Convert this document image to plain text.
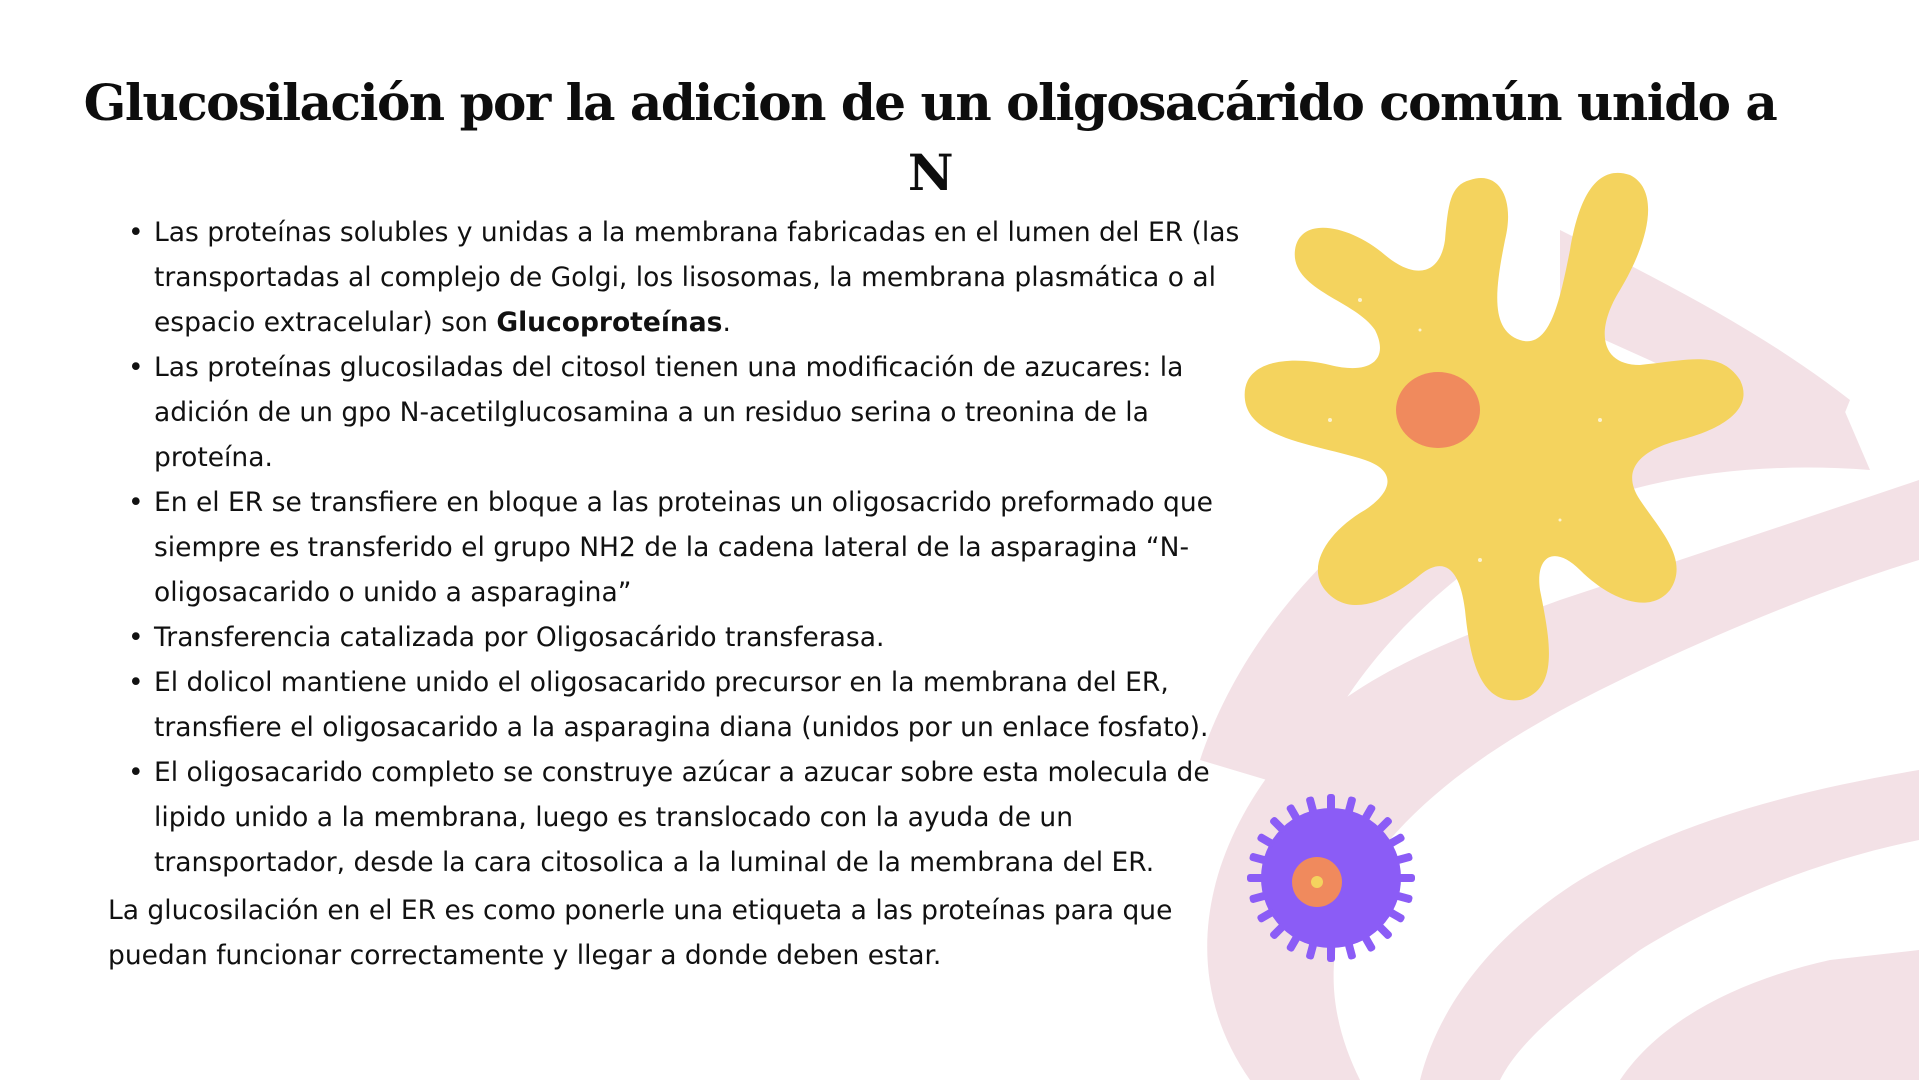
Glucosilación por la adicion de un oligosacárido común unido a N
• Las proteínas solubles y unidas a la membrana fabricadas en el lumen del ER (las transportadas al complejo de Golgi, los lisosomas, la membrana plasmática o al espacio extracelular) son Glucoproteínas.
• Las proteínas glucosiladas del citosol tienen una modificación de azucares: la adición de un gpo N-acetilglucosamina a un residuo serina o treonina de la proteína.
• En el ER se transfiere en bloque a las proteinas un oligosacrido preformado que siempre es transferido el grupo NH2 de la cadena lateral de la asparagina “N-oligosacarido o unido a asparagina”
• Transferencia catalizada por Oligosacárido transferasa.
• El dolicol mantiene unido el oligosacarido precursor en la membrana del ER, transfiere el oligosacarido a la asparagina diana (unidos por un enlace fosfato).
• El oligosacarido completo se construye azúcar a azucar sobre esta molecula de lipido unido a la membrana, luego es translocado con la ayuda de un transportador, desde la cara citosolica a la luminal de la membrana del ER.

La glucosilación en el ER es como ponerle una etiqueta a las proteínas para que puedan funcionar correctamente y llegar a donde deben estar.
